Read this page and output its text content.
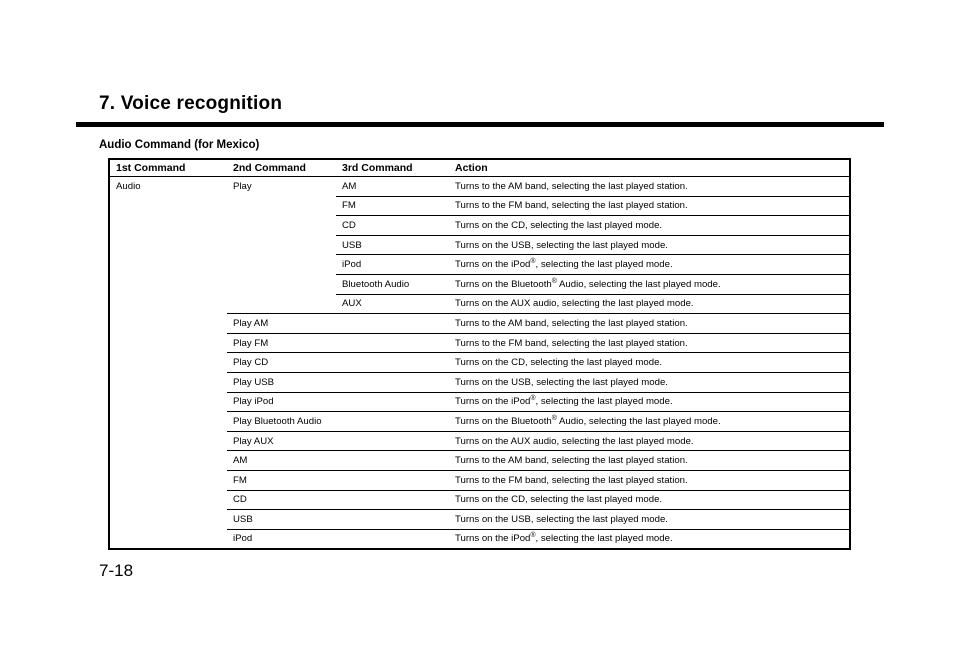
7. Voice recognition
Audio Command (for Mexico)
1st Command	2nd Command	3rd Command	Action
Audio	Play	AM	Turns to the AM band, selecting the last played station.
		FM	Turns to the FM band, selecting the last played station.
		CD	Turns on the CD, selecting the last played mode.
		USB	Turns on the USB, selecting the last played mode.
		iPod	Turns on the iPod®, selecting the last played mode.
		Bluetooth Audio	Turns on the Bluetooth® Audio, selecting the last played mode.
		AUX	Turns on the AUX audio, selecting the last played mode.
	Play AM		Turns to the AM band, selecting the last played station.
	Play FM		Turns to the FM band, selecting the last played station.
	Play CD		Turns on the CD, selecting the last played mode.
	Play USB		Turns on the USB, selecting the last played mode.
	Play iPod		Turns on the iPod®, selecting the last played mode.
	Play Bluetooth Audio		Turns on the Bluetooth® Audio, selecting the last played mode.
	Play AUX		Turns on the AUX audio, selecting the last played mode.
	AM		Turns to the AM band, selecting the last played station.
	FM		Turns to the FM band, selecting the last played station.
	CD		Turns on the CD, selecting the last played mode.
	USB		Turns on the USB, selecting the last played mode.
	iPod		Turns on the iPod®, selecting the last played mode.
7-18
